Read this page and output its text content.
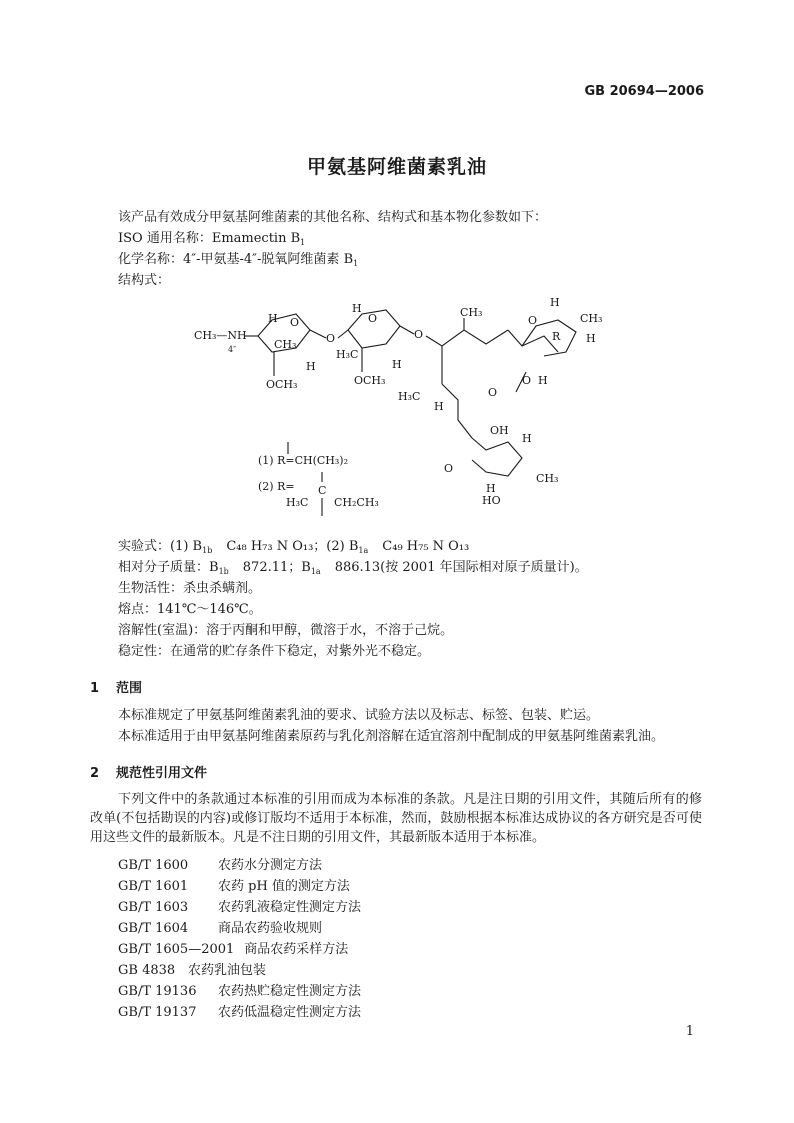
GB 20694—2006
甲氨基阿维菌素乳油
该产品有效成分甲氨基阿维菌素的其他名称、结构式和基本物化参数如下：
ISO 通用名称：Emamectin $B_1$
化学名称：4″-甲氨基-4″-脱氧阿维菌素 $B_1$
结构式：
CH₃—NH
4″
O
CH₃
H
OCH₃
H
O
O
H
H₃C
OCH₃
H
O
CH₃
O
R
H
CH₃
H
O H
O
H₃C
H
OH
H
O
CH₃
H
HO
(1) R=CH(CH₃)₂
(2) R= C
H₃C CH₂CH₃
实验式：(1) $B_{1b}$ C₄₈ H₇₃ N O₁₃；(2) $B_{1a}$ C₄₉ H₇₅ N O₁₃
相对分子质量：$B_{1b}$ 872.11；$B_{1a}$ 886.13(按 2001 年国际相对原子质量计)。
生物活性：杀虫杀螨剂。
熔点：141℃～146℃。
溶解性(室温)：溶于丙酮和甲醇，微溶于水，不溶于己烷。
稳定性：在通常的贮存条件下稳定，对紫外光不稳定。
1 范围
本标准规定了甲氨基阿维菌素乳油的要求、试验方法以及标志、标签、包装、贮运。
本标准适用于由甲氨基阿维菌素原药与乳化剂溶解在适宜溶剂中配制成的甲氨基阿维菌素乳油。
2 规范性引用文件
下列文件中的条款通过本标准的引用而成为本标准的条款。凡是注日期的引用文件，其随后所有的修改单(不包括勘误的内容)或修订版均不适用于本标准，然而，鼓励根据本标准达成协议的各方研究是否可使用这些文件的最新版本。凡是不注日期的引用文件，其最新版本适用于本标准。
GB/T 1600 农药水分测定方法
GB/T 1601 农药 pH 值的测定方法
GB/T 1603 农药乳液稳定性测定方法
GB/T 1604 商品农药验收规则
GB/T 1605—2001 商品农药采样方法
GB 4838 农药乳油包装
GB/T 19136 农药热贮稳定性测定方法
GB/T 19137 农药低温稳定性测定方法
1
